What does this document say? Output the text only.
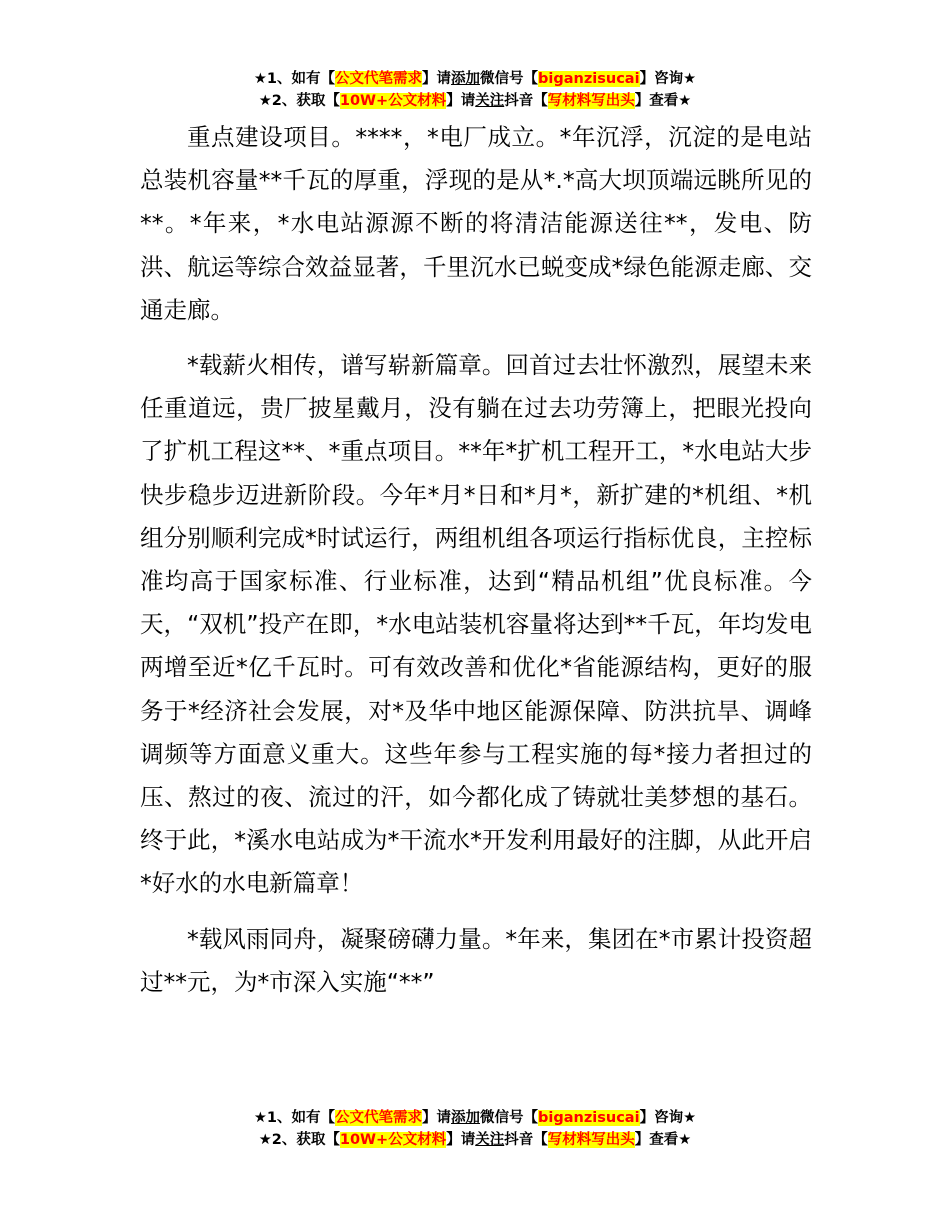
★1、如有【公文代笔需求】请添加微信号【biganzisucai】咨询★
★2、获取【10W+公文材料】请关注抖音【写材料写出头】查看★

重点建设项目。****，*电厂成立。*年沉浮，沉淀的是电站总装机容量**千瓦的厚重，浮现的是从*.*高大坝顶端远眺所见的**。*年来，*水电站源源不断的将清洁能源送往**，发电、防洪、航运等综合效益显著，千里沉水已蜕变成*绿色能源走廊、交通走廊。

*载薪火相传，谱写崭新篇章。回首过去壮怀激烈，展望未来任重道远，贵厂披星戴月，没有躺在过去功劳簿上，把眼光投向了扩机工程这**、*重点项目。**年*扩机工程开工，*水电站大步快步稳步迈进新阶段。今年*月*日和*月*，新扩建的*机组、*机组分别顺利完成*时试运行，两组机组各项运行指标优良，主控标准均高于国家标准、行业标准，达到“精品机组”优良标准。今天，“双机”投产在即，*水电站装机容量将达到**千瓦，年均发电两增至近*亿千瓦时。可有效改善和优化*省能源结构，更好的服务于*经济社会发展，对*及华中地区能源保障、防洪抗旱、调峰调频等方面意义重大。这些年参与工程实施的每*接力者担过的压、熬过的夜、流过的汗，如今都化成了铸就壮美梦想的基石。终于此，*溪水电站成为*干流水*开发利用最好的注脚，从此开启*好水的水电新篇章！

*载风雨同舟，凝聚磅礴力量。*年来，集团在*市累计投资超过**元，为*市深入实施“**”

★1、如有【公文代笔需求】请添加微信号【biganzisucai】咨询★
★2、获取【10W+公文材料】请关注抖音【写材料写出头】查看★
